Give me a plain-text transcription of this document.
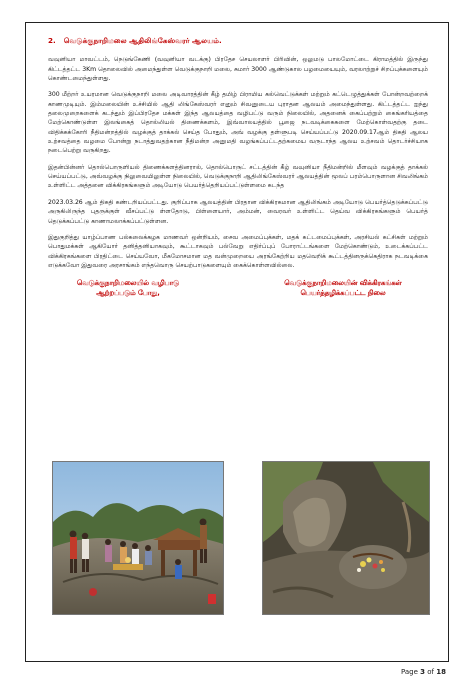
2. வெடுக்குநாறிமலை ஆதிலிங்கேஸ்வரர் ஆலயம்.

வவுனியா மாவட்டம், நெடுங்கேணி (வவுனியா வடக்கு) பிரதேச செயலாளர் பிரிவின், ஒலுமடு பாலமோட்டை கிராமத்தில் இருந்து கிட்டத்தட்ட 3Km தொலைவில் அமைந்துள்ள வெடுக்குநாறி மலை, சுமார் 3000 ஆண்டுகால பழமையையும், வரலாற்றுச் சிறப்புக்களையும் கொண்டமைந்துள்ளது.

300 மீற்றர் உயரமான வெடுக்குநாறி மலை அடிவாரத்தின் கீழ் தமிழ் பிராமிய கல்வெட்டுக்கள் மற்றும் கட்டெழுத்துக்கள் போன்றவற்றைக் காணமுடியும். இம்மலையின் உச்சியில் ஆதி லிங்கேஸ்வரர் எனும் சிவனுடைய புராதன ஆலயம் அமைந்துள்ளது. கிட்டத்தட்ட ஐந்து தலைமுறைகளைக் கடந்தும் இப்பிரதேச மக்கள் இந்த ஆலயத்தை வழிபட்டு வரும் நிலையில், அதனைக் கைப்பற்றும் கைங்கரியத்தை மேற்கொண்டுள்ள இலங்கைத் தொல்லியல் திணைக்களம், இவ்வாலயத்தில் பூஜை நடவடிக்கைகளை மேற்கொள்வதற்கு தடை விதிக்கக்கோரி நீதிமன்றத்தில் வழக்குத் தாக்கல் செய்த போதும், அவ் வழக்கு தள்ளுபடி செய்யப்பட்டு 2020.09.17ஆம் திகதி ஆலய உற்சவத்தை வழமை போன்று நடாத்துவதற்கான நீதிமன்ற அனுமதி வழங்கப்பட்டதற்கமைய வருடாந்த ஆலய உற்சவம் தொடர்ச்சியாக நடைபெற்று வருகிறது.

இதன்பின்னர் தொல்பொருளியல் திணைக்களத்தினரால், தொல்பொருட் சட்டத்தின் கீழ் வவுனியா நீதிமன்றில் மீளவும் வழக்குத் தாக்கல் செய்யப்பட்டு, அவ்வழக்கு நிலுவையிலுள்ள நிலையில், வெடுக்குநாறி ஆதிலிங்கேஸ்வரர் ஆலயத்தின் மூலப் பரம்பொருளான சிவலிங்கம் உள்ளிட்ட அத்தனை விக்கிரகங்களும் அடியோடு பெயர்த்தெறியப்பட்டுள்ளமை கடந்த

2023.03.26 ஆம் திகதி கண்டறியப்பட்டது. குறிப்பாக ஆலயத்தின் பிரதான விக்கிரகமான ஆதிலிங்கம் அடியோடு பெயர்த்தெடுக்கப்பட்டு அருகிலிருந்த புதருக்குள் வீசப்பட்டு ள்ளதோடு, பிள்ளையார், அம்மன், வைரவர் உள்ளிட்ட தெய்வ விக்கிரகங்களும் பெயர்த் தெடுக்கப்பட்டு காணாமலாக்கப்பட்டுள்ளன.

இதுகுறித்து யாழ்ப்பாண பல்கலைக்கழக மாணவர் ஒன்றியம், சைவ அமைப்புக்கள், மதக் கட்டமைப்புக்கள், அரசியல் கட்சிகள் மற்றும் பொதுமக்கள் ஆகியோர் தனித்தனியாகவும், கூட்டாகவும் பல்வேறு எதிர்ப்புப் போராட்டங்களை மேற்கொண்டும், உடைக்கப்பட்ட விக்கிரகங்களை பிரதிட்டை செய்யவோ, மீகமோசமான மத வன்முறையை அரங்கேற்றிய மதவெறிக் கூட்டத்தினருக்கெதிராக நடவடிக்கை எடுக்கவோ இதுவரை அரசாங்கம் எந்தவொரு செயற்பாடுகளையும் கைக்கொள்ளவில்லை.

வெடுக்குநாறிமலையில் வழிபாடு
ஆற்றப்படும் போது,
வெடுக்குநாறிமலையின் விக்கிரகங்கள்
பெயர்த்தழிக்கப்பட்ட நிலை
Page 3 of 18
